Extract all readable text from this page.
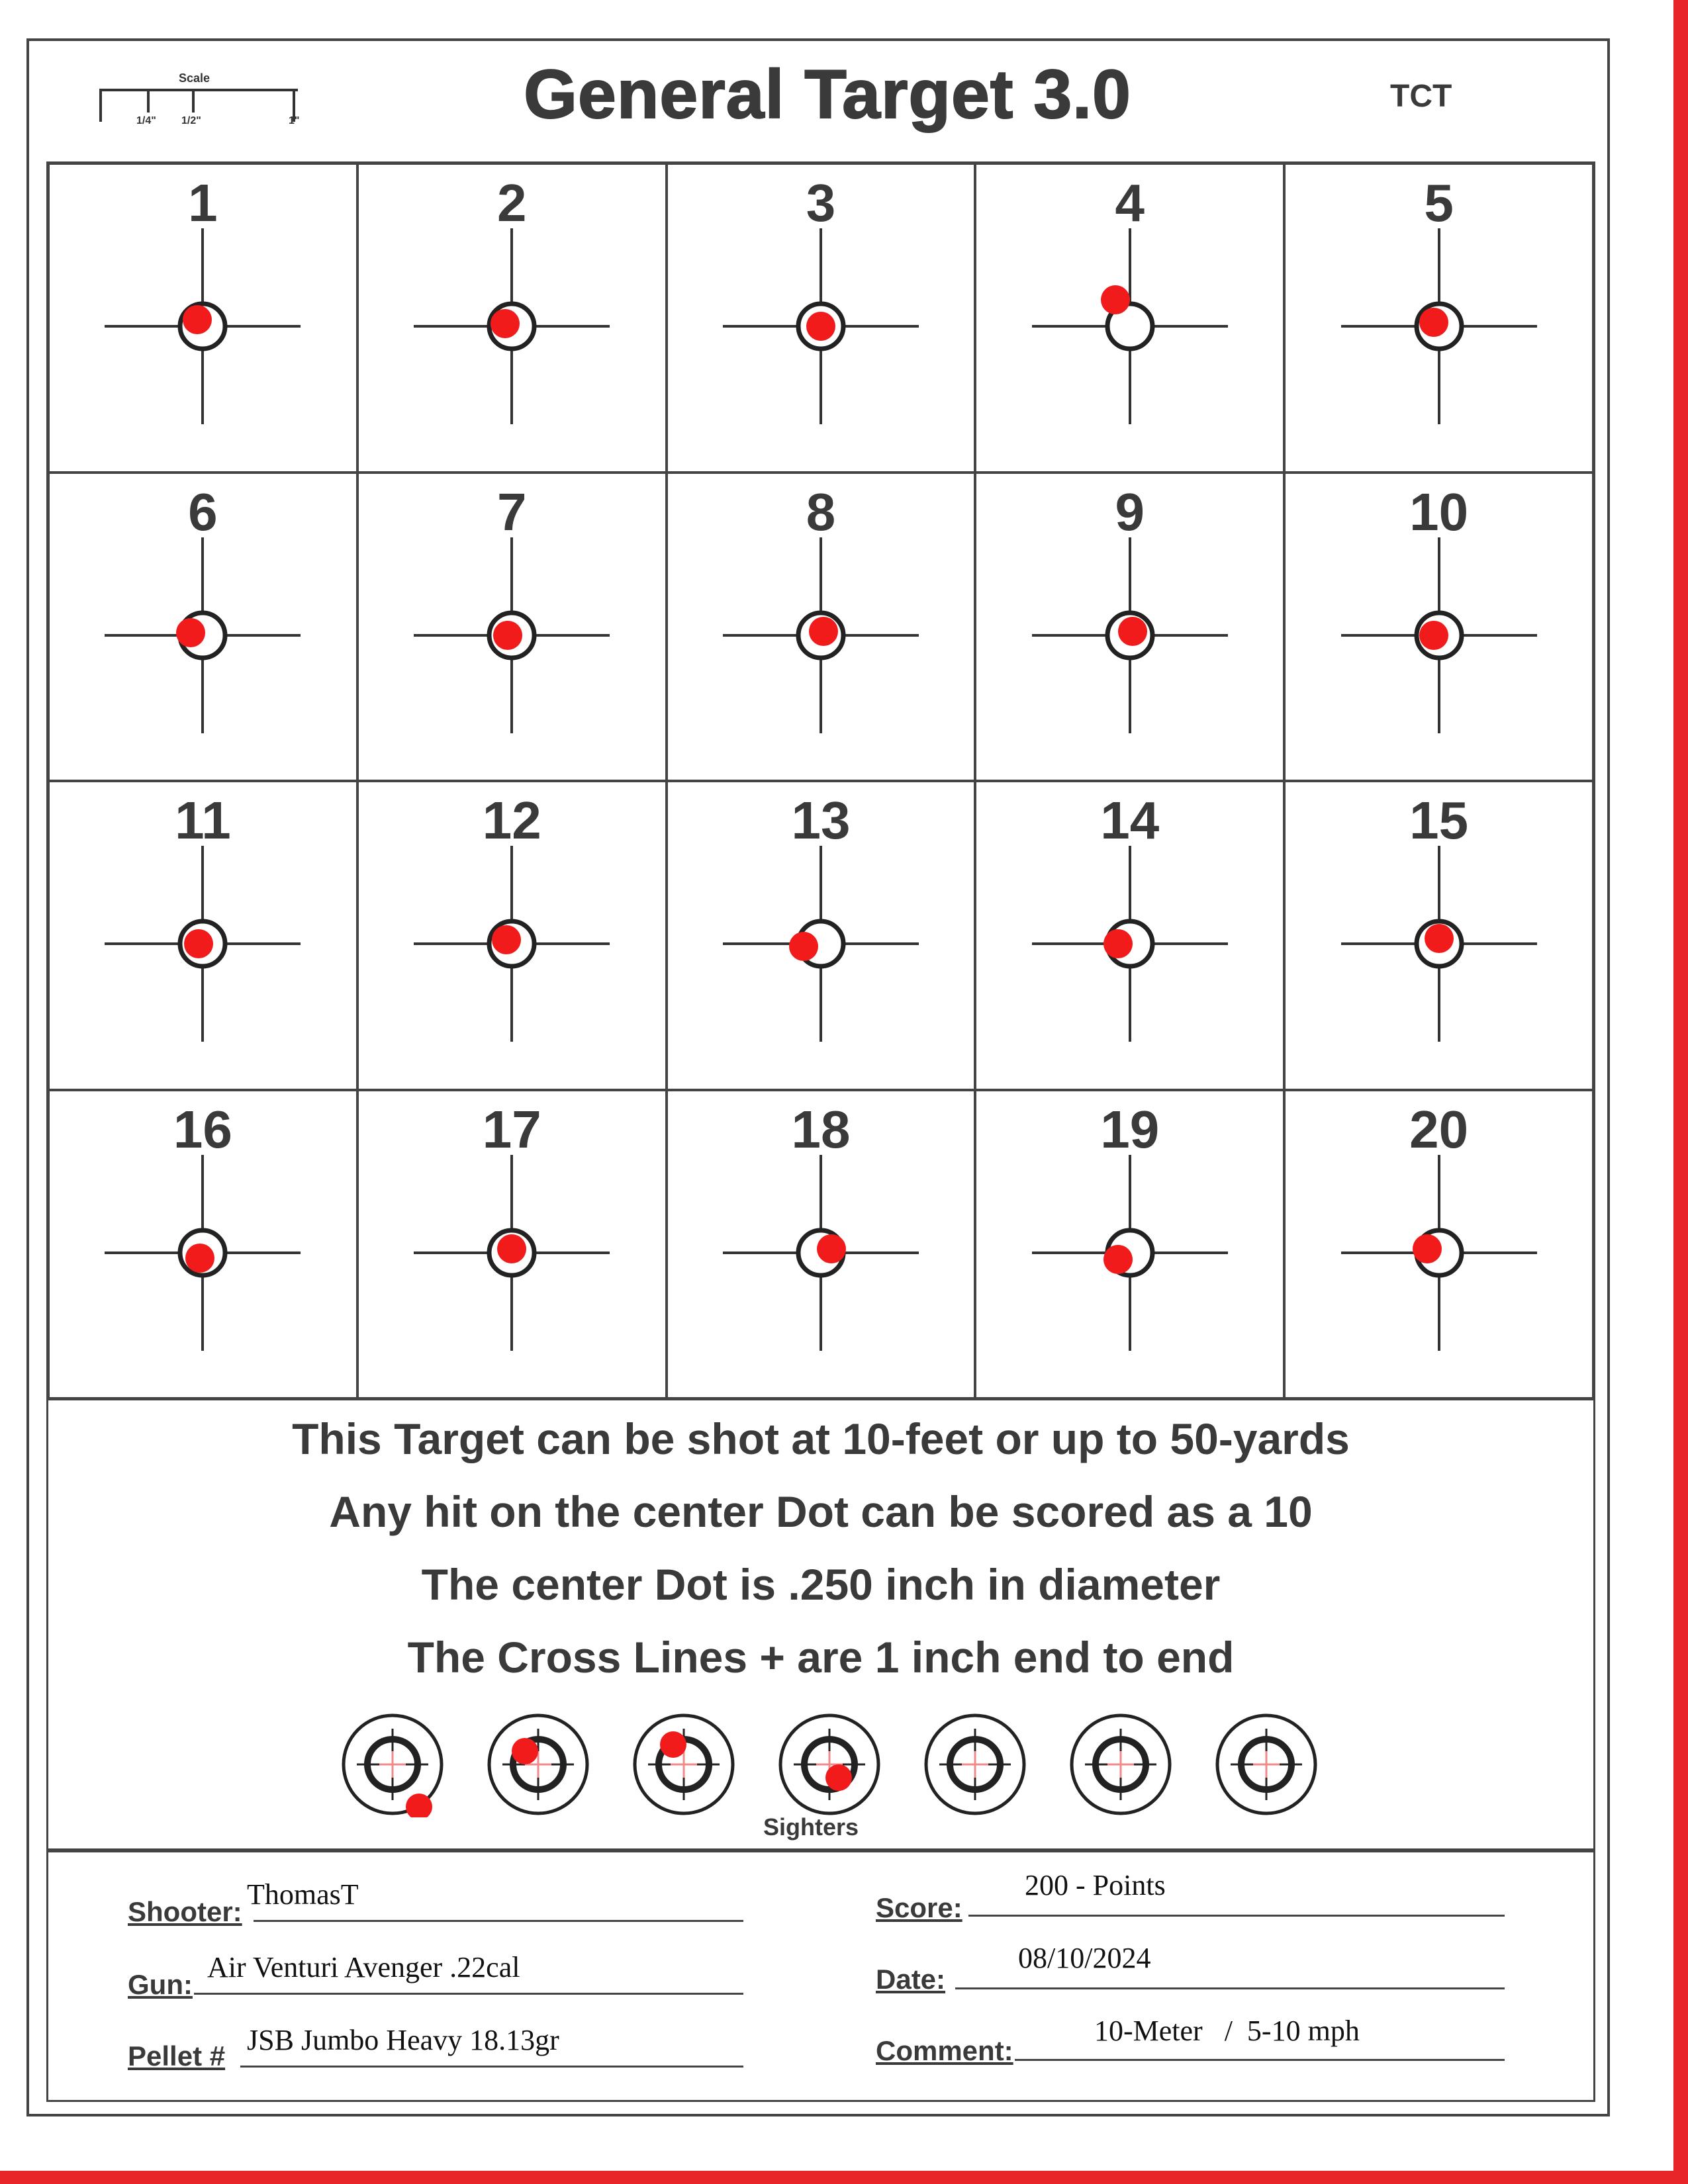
Scale
1/4" 1/2"	1"	General Target 3.0	TCT
1	2	3	4	5
6	7	8	9	10
11	12	13	14	15
16	17	18	19	20
This Target can be shot at 10-feet or up to 50-yards
Any hit on the center Dot can be scored as a 10
The center Dot is .250 inch in diameter
The Cross Lines + are 1 inch end to end
Sighters
Shooter:
ThomasT
Gun:
Air Venturi Avenger .22cal
Pellet # JSB Jumbo Heavy 18.13gr
Score:
200 - Points
Date:
08/10/2024
Comment:
10-Meter   /  5-10 mph
